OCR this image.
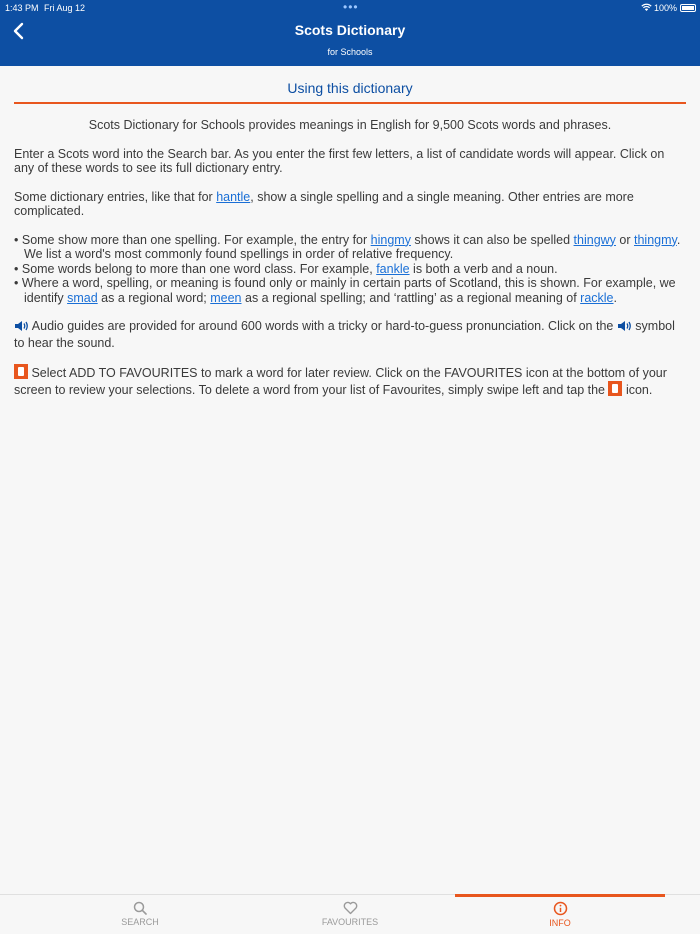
1:43 PM Fri Aug 12	•••	100%
Scots Dictionary
for Schools
Using this dictionary

Scots Dictionary for Schools provides meanings in English for 9,500 Scots words and phrases.

Enter a Scots word into the Search bar. As you enter the first few letters, a list of candidate words will appear. Click on any of these words to see its full dictionary entry.

Some dictionary entries, like that for hantle, show a single spelling and a single meaning. Other entries are more complicated.

• Some show more than one spelling. For example, the entry for hingmy shows it can also be spelled thingwy or thingmy. We list a word's most commonly found spellings in order of relative frequency.
• Some words belong to more than one word class. For example, fankle is both a verb and a noun.
• Where a word, spelling, or meaning is found only or mainly in certain parts of Scotland, this is shown. For example, we identify smad as a regional word; meen as a regional spelling; and ‘rattling’ as a regional meaning of rackle.

Audio guides are provided for around 600 words with a tricky or hard-to-guess pronunciation. Click on the  symbol to hear the sound.

Select ADD TO FAVOURITES to mark a word for later review. Click on the FAVOURITES icon at the bottom of your screen to review your selections. To delete a word from your list of Favourites, simply swipe left and tap the  icon.

SEARCH	FAVOURITES	INFO
